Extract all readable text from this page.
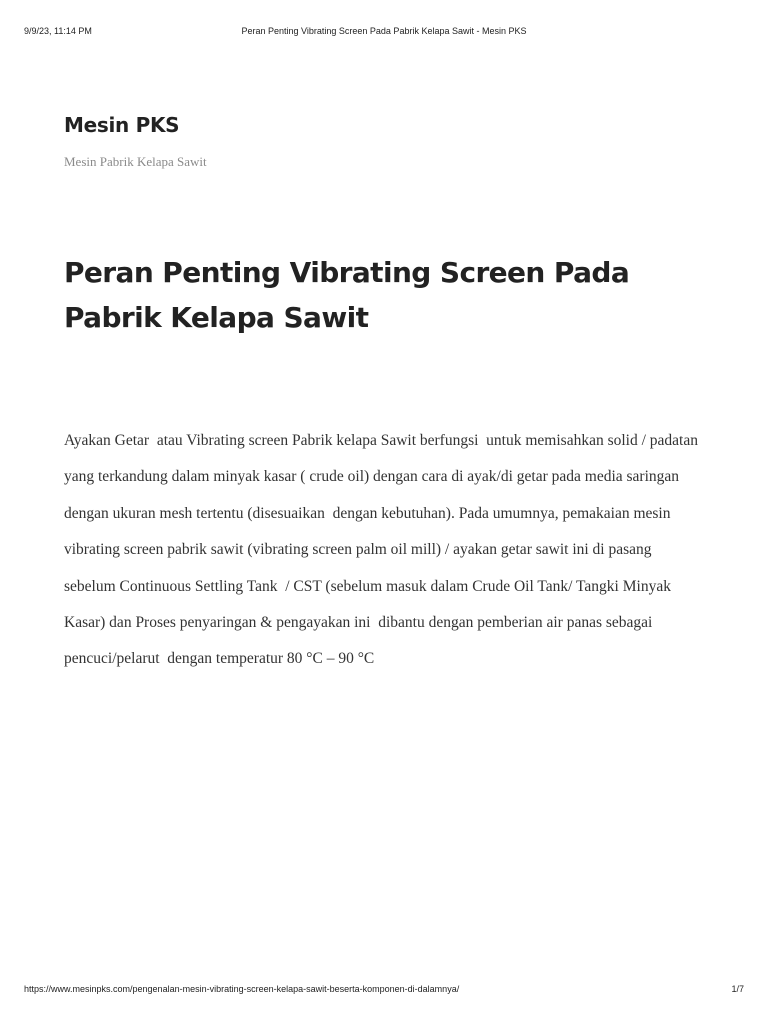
9/9/23, 11:14 PM	Peran Penting Vibrating Screen Pada Pabrik Kelapa Sawit - Mesin PKS
Mesin PKS
Mesin Pabrik Kelapa Sawit
Peran Penting Vibrating Screen Pada Pabrik Kelapa Sawit

Ayakan Getar  atau Vibrating screen Pabrik kelapa Sawit berfungsi  untuk memisahkan solid / padatan yang terkandung dalam minyak kasar ( crude oil) dengan cara di ayak/di getar pada media saringan dengan ukuran mesh tertentu (disesuaikan  dengan kebutuhan). Pada umumnya, pemakaian mesin vibrating screen pabrik sawit (vibrating screen palm oil mill) / ayakan getar sawit ini di pasang sebelum Continuous Settling Tank  / CST (sebelum masuk dalam Crude Oil Tank/ Tangki Minyak Kasar) dan Proses penyaringan & pengayakan ini  dibantu dengan pemberian air panas sebagai pencuci/pelarut  dengan temperatur 80 °C – 90 °C

https://www.mesinpks.com/pengenalan-mesin-vibrating-screen-kelapa-sawit-beserta-komponen-di-dalamnya/	1/7
